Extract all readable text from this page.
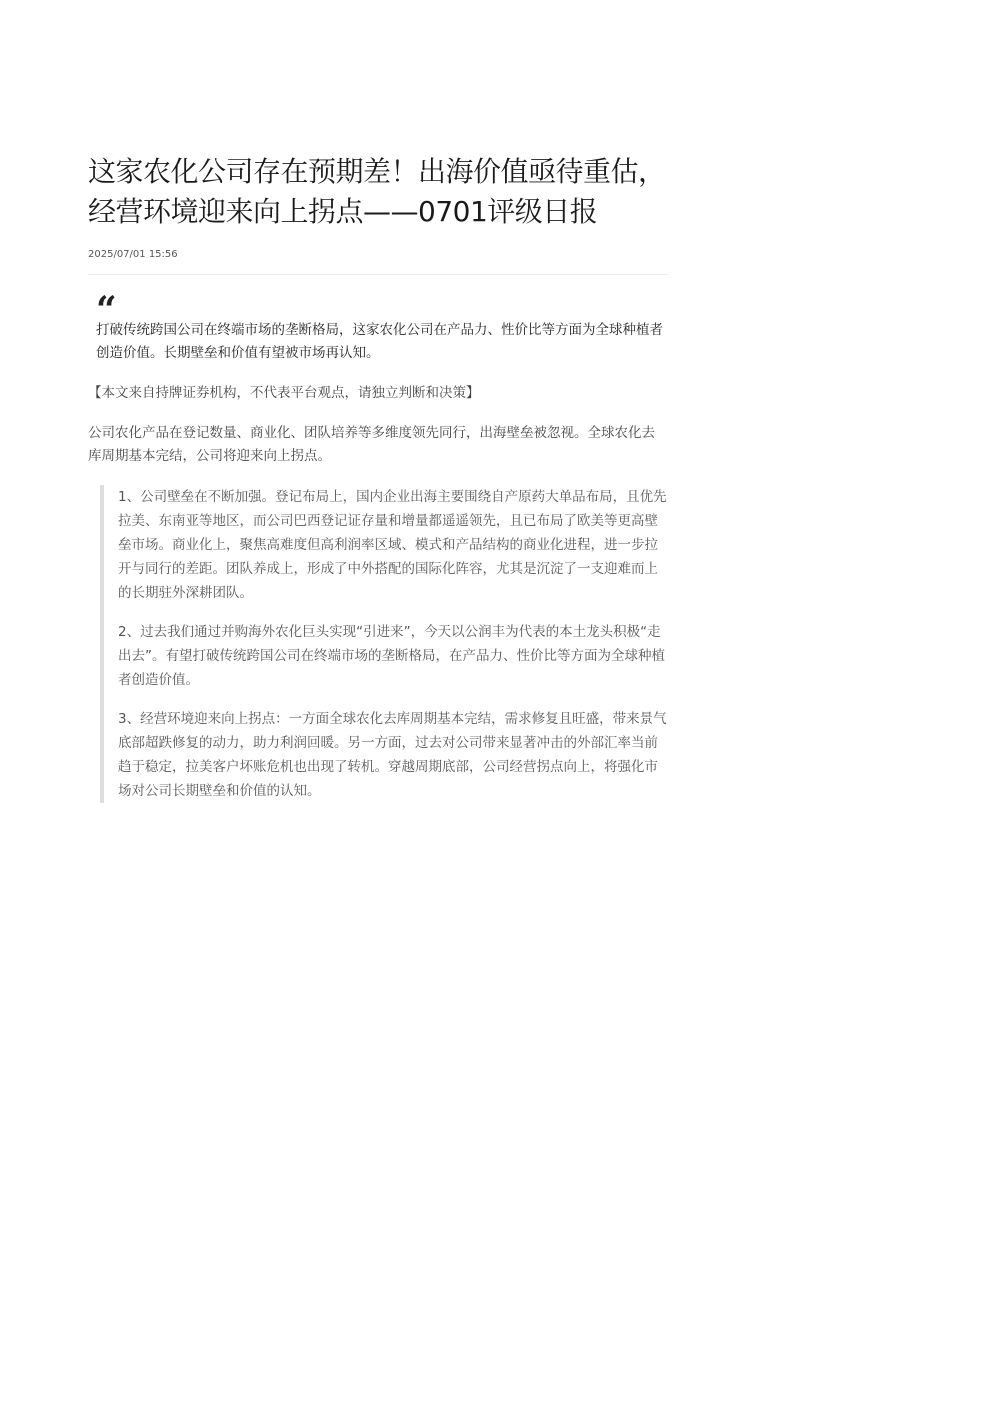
这家农化公司存在预期差！出海价值亟待重估，经营环境迎来向上拐点——0701评级日报
2025/07/01 15:56
“

打破传统跨国公司在终端市场的垄断格局，这家农化公司在产品力、性价比等方面为全球种植者创造价值。长期壁垒和价值有望被市场再认知。

【本文来自持牌证券机构，不代表平台观点，请独立判断和决策】

公司农化产品在登记数量、商业化、团队培养等多维度领先同行，出海壁垒被忽视。全球农化去库周期基本完结，公司将迎来向上拐点。

1、公司壁垒在不断加强。登记布局上，国内企业出海主要围绕自产原药大单品布局，且优先拉美、东南亚等地区，而公司巴西登记证存量和增量都遥遥领先，且已布局了欧美等更高壁垒市场。商业化上，聚焦高难度但高利润率区域、模式和产品结构的商业化进程，进一步拉开与同行的差距。团队养成上，形成了中外搭配的国际化阵容，尤其是沉淀了一支迎难而上的长期驻外深耕团队。

2、过去我们通过并购海外农化巨头实现“引进来”，今天以公润丰为代表的本土龙头积极“走出去”。有望打破传统跨国公司在终端市场的垄断格局，在产品力、性价比等方面为全球种植者创造价值。

3、经营环境迎来向上拐点：一方面全球农化去库周期基本完结，需求修复且旺盛，带来景气底部超跌修复的动力，助力利润回暖。另一方面，过去对公司带来显著冲击的外部汇率当前趋于稳定，拉美客户坏账危机也出现了转机。穿越周期底部，公司经营拐点向上，将强化市场对公司长期壁垒和价值的认知。
